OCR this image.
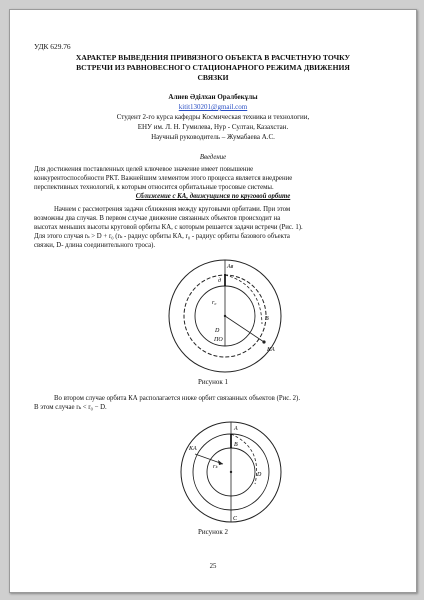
УДК 629.76
ХАРАКТЕР ВЫВЕДЕНИЯ ПРИВЯЗНОГО ОБЪЕКТА В РАСЧЕТНУЮ ТОЧКУ
ВСТРЕЧИ ИЗ РАВНОВЕСНОГО СТАЦИОНАРНОГО РЕЖИМА ДВИЖЕНИЯ
СВЯЗКИ
Алиев Әділхан Оралбекұлы
kitit130201@gmail.com
Студент 2-го курса кафедры Космическая техника и технологии,
ЕНУ им. Л. Н. Гумилева, Нур - Султан, Казахстан.
Научный руководитель – Жумабаева А.С.
Введение
Для достижения поставленных целей ключевое значение имеет повышение
конкурентоспособности РКТ. Важнейшим элементом этого процесса является внедрение
перспективных технологий, к которым относится орбитальные тросовые системы.
Сближение с КА, движущимся по круговой орбите
Начнем с рассмотрения задачи сближения между круговыми орбитами. При этом
возможны два случая. В первом случае движение связанных объектов происходит на
высотах меньших высоты круговой орбиты КА, с которым решается задачи встречи (Рис. 1).
Для этого случая rₖ > D + r₀ (rₖ - радиус орбиты КА, r₀ - радиус орбиты базового объекта
связки, D- длина соединительного троса).
Ав
д
r₀
D
ПО
В
КА
Рисунок 1
Во втором случае орбита КА располагается ниже орбит связанных объектов (Рис. 2).
В этом случае rₖ < r₀ − D.
А
КА
В
С
rₖ
D
Рисунок 2
25
